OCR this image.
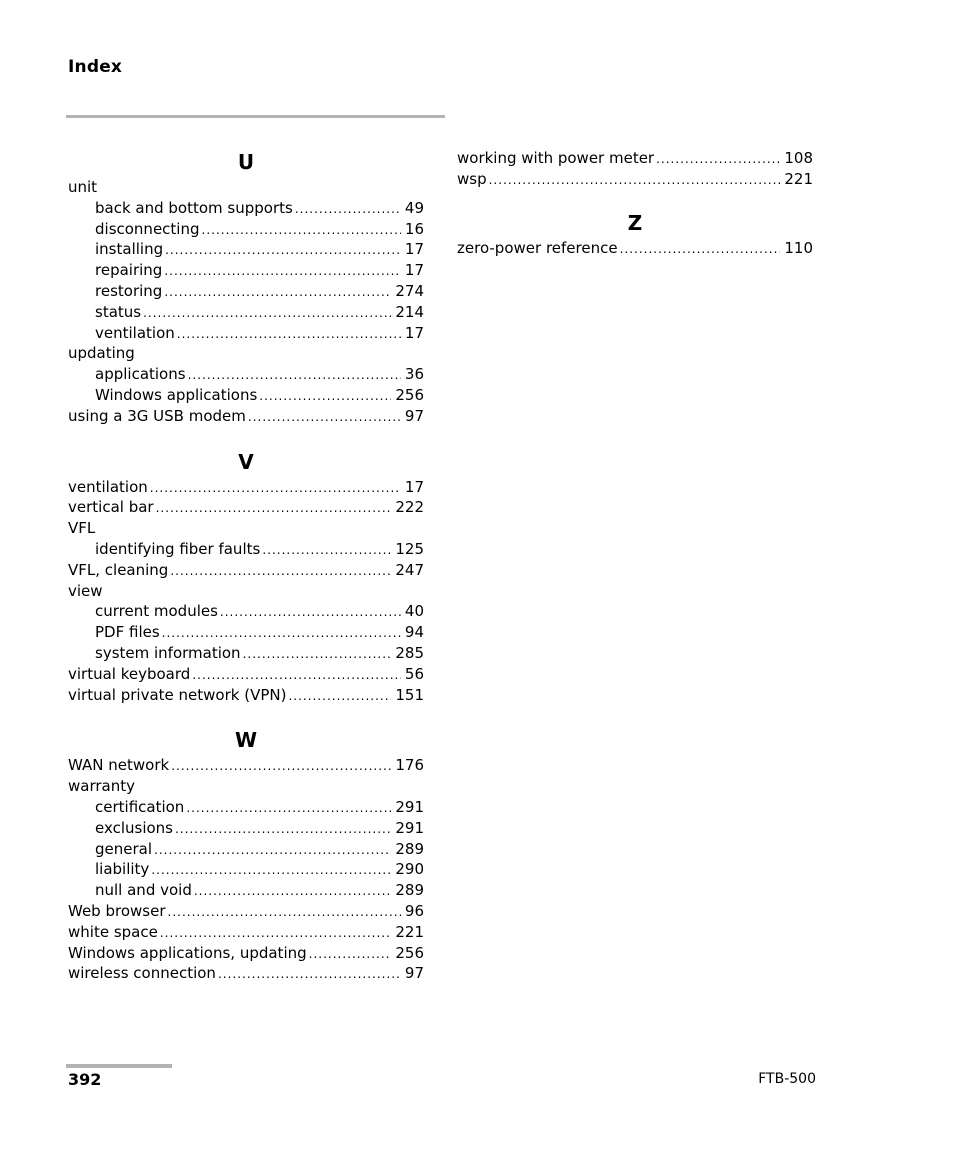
Index
U
unit
back and bottom supports .....	49
disconnecting .....	16
installing .....	17
repairing .....	17
restoring .....	274
status .....	214
ventilation .....	17
updating
applications .....	36
Windows applications .....	256
using a 3G USB modem .....	97
V
ventilation .....	17
vertical bar .....	222
VFL
identifying fiber faults .....	125
VFL, cleaning .....	247
view
current modules .....	40
PDF files .....	94
system information .....	285
virtual keyboard .....	56
virtual private network (VPN) .....	151
W
WAN network .....	176
warranty
certification .....	291
exclusions .....	291
general .....	289
liability .....	290
null and void .....	289
Web browser .....	96
white space .....	221
Windows applications, updating .....	256
wireless connection .....	97
working with power meter .....	108
wsp .....	221
Z
zero-power reference .....	110
392	FTB-500
